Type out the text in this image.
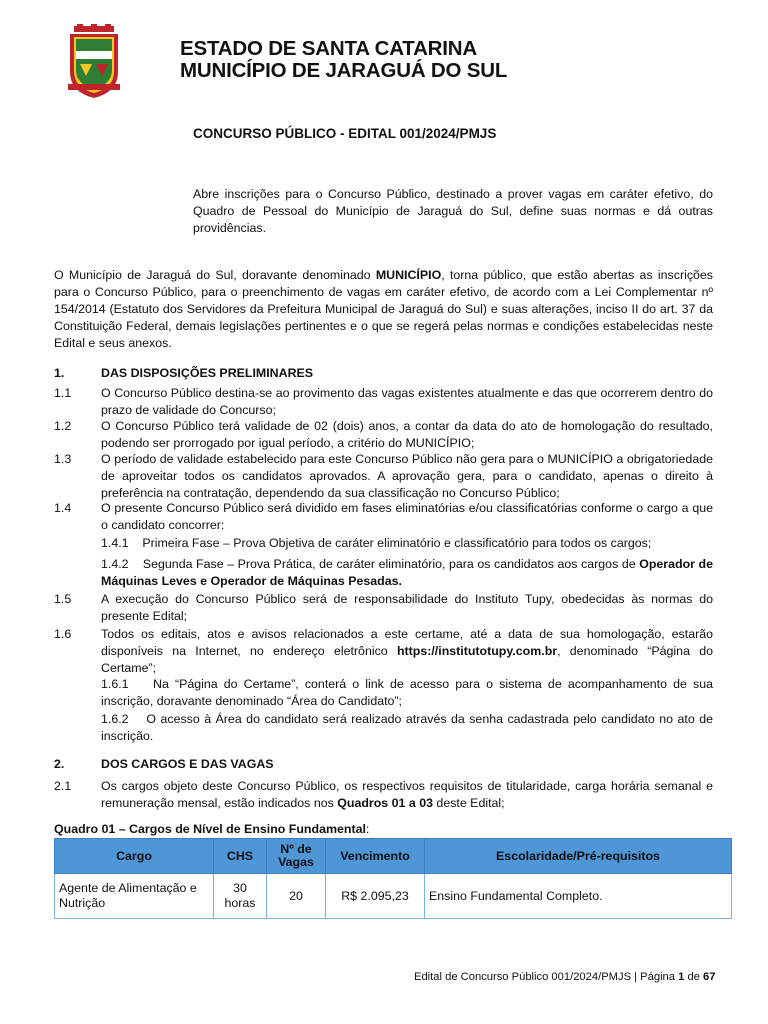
ESTADO DE SANTA CATARINA
MUNICÍPIO DE JARAGUÁ DO SUL
CONCURSO PÚBLICO - EDITAL 001/2024/PMJS
Abre inscrições para o Concurso Público, destinado a prover vagas em caráter efetivo, do Quadro de Pessoal do Município de Jaraguá do Sul, define suas normas e dá outras providências.
O Município de Jaraguá do Sul, doravante denominado MUNICÍPIO, torna público, que estão abertas as inscrições para o Concurso Público, para o preenchimento de vagas em caráter efetivo, de acordo com a Lei Complementar nº 154/2014 (Estatuto dos Servidores da Prefeitura Municipal de Jaraguá do Sul) e suas alterações, inciso II do art. 37 da Constituição Federal, demais legislações pertinentes e o que se regerá pelas normas e condições estabelecidas neste Edital e seus anexos.
1.	DAS DISPOSIÇÕES PRELIMINARES
1.1 O Concurso Público destina-se ao provimento das vagas existentes atualmente e das que ocorrerem dentro do prazo de validade do Concurso;
1.2 O Concurso Público terá validade de 02 (dois) anos, a contar da data do ato de homologação do resultado, podendo ser prorrogado por igual período, a critério do MUNICÍPIO;
1.3 O período de validade estabelecido para este Concurso Público não gera para o MUNICÍPIO a obrigatoriedade de aproveitar todos os candidatos aprovados. A aprovação gera, para o candidato, apenas o direito à preferência na contratação, dependendo da sua classificação no Concurso Público;
1.4 O presente Concurso Público será dividido em fases eliminatórias e/ou classificatórias conforme o cargo a que o candidato concorrer:
1.4.1 Primeira Fase – Prova Objetiva de caráter eliminatório e classificatório para todos os cargos;
1.4.2 Segunda Fase – Prova Prática, de caráter eliminatório, para os candidatos aos cargos de Operador de Máquinas Leves e Operador de Máquinas Pesadas.
1.5 A execução do Concurso Público será de responsabilidade do Instituto Tupy, obedecidas às normas do presente Edital;
1.6 Todos os editais, atos e avisos relacionados a este certame, até a data de sua homologação, estarão disponíveis na Internet, no endereço eletrônico https://institutotupy.com.br, denominado “Página do Certame”;
1.6.1 Na “Página do Certame”, conterá o link de acesso para o sistema de acompanhamento de sua inscrição, doravante denominado “Área do Candidato”;
1.6.2 O acesso à Área do candidato será realizado através da senha cadastrada pelo candidato no ato de inscrição.
2.	DOS CARGOS E DAS VAGAS
2.1 Os cargos objeto deste Concurso Público, os respectivos requisitos de titularidade, carga horária semanal e remuneração mensal, estão indicados nos Quadros 01 a 03 deste Edital;
Quadro 01 – Cargos de Nível de Ensino Fundamental:
Cargo	CHS	Nº de Vagas	Vencimento	Escolaridade/Pré-requisitos
Agente de Alimentação e Nutrição	30 horas	20	R$ 2.095,23	Ensino Fundamental Completo.
Edital de Concurso Público 001/2024/PMJS | Página 1 de 67
